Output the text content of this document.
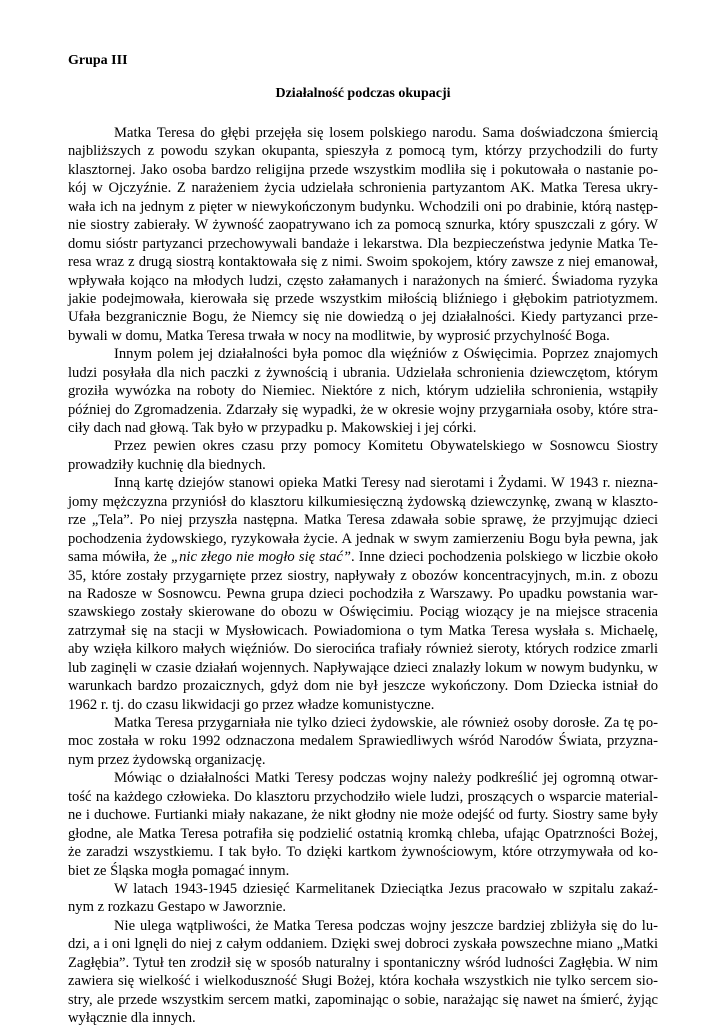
Grupa III
Działalność podczas okupacji

Matka Teresa do głębi przejęła się losem polskiego narodu. Sama doświadczona śmiercią
najbliższych z powodu szykan okupanta, spieszyła z pomocą tym, którzy przychodzili do furty
klasztornej. Jako osoba bardzo religijna przede wszystkim modliła się i pokutowała o nastanie po-
kój w Ojczyźnie. Z narażeniem życia udzielała schronienia partyzantom AK. Matka Teresa ukry-
wała ich na jednym z pięter w niewykończonym budynku. Wchodzili oni po drabinie, którą następ-
nie siostry zabierały. W żywność zaopatrywano ich za pomocą sznurka, który spuszczali z góry. W
domu sióstr partyzanci przechowywali bandaże i lekarstwa. Dla bezpieczeństwa jedynie Matka Te-
resa wraz z drugą siostrą kontaktowała się z nimi. Swoim spokojem, który zawsze z niej emanował,
wpływała kojąco na młodych ludzi, często załamanych i narażonych na śmierć. Świadoma ryzyka
jakie podejmowała, kierowała się przede wszystkim miłością bliźniego i głębokim patriotyzmem.
Ufała bezgranicznie Bogu, że Niemcy się nie dowiedzą o jej działalności. Kiedy partyzanci prze-
bywali w domu, Matka Teresa trwała w nocy na modlitwie, by wyprosić przychylność Boga.

Innym polem jej działalności była pomoc dla więźniów z Oświęcimia. Poprzez znajomych
ludzi posyłała dla nich paczki z żywnością i ubrania. Udzielała schronienia dziewczętom, którym
groziła wywózka na roboty do Niemiec. Niektóre z nich, którym udzieliła schronienia, wstąpiły
później do Zgromadzenia. Zdarzały się wypadki, że w okresie wojny przygarniała osoby, które stra-
ciły dach nad głową. Tak było w przypadku p. Makowskiej i jej córki.

Przez pewien okres czasu przy pomocy Komitetu Obywatelskiego w Sosnowcu Siostry
prowadziły kuchnię dla biednych.

Inną kartę dziejów stanowi opieka Matki Teresy nad sierotami i Żydami. W 1943 r. niezna-
jomy mężczyzna przyniósł do klasztoru kilkumiesięczną żydowską dziewczynkę, zwaną w klaszto-
rze „Tela”. Po niej przyszła następna. Matka Teresa zdawała sobie sprawę, że przyjmując dzieci
pochodzenia żydowskiego, ryzykowała życie. A jednak w swym zamierzeniu Bogu była pewna, jak
sama mówiła, że „nic złego nie mogło się stać”. Inne dzieci pochodzenia polskiego w liczbie około
35, które zostały przygarnięte przez siostry, napływały z obozów koncentracyjnych, m.in. z obozu
na Radosze w Sosnowcu. Pewna grupa dzieci pochodziła z Warszawy. Po upadku powstania war-
szawskiego zostały skierowane do obozu w Oświęcimiu. Pociąg wiozący je na miejsce stracenia
zatrzymał się na stacji w Mysłowicach. Powiadomiona o tym Matka Teresa wysłała s. Michaelę,
aby wzięła kilkoro małych więźniów. Do sierocińca trafiały również sieroty, których rodzice zmarli
lub zaginęli w czasie działań wojennych. Napływające dzieci znalazły lokum w nowym budynku, w
warunkach bardzo prozaicznych, gdyż dom nie był jeszcze wykończony. Dom Dziecka istniał do
1962 r. tj. do czasu likwidacji go przez władze komunistyczne.

Matka Teresa przygarniała nie tylko dzieci żydowskie, ale również osoby dorosłe. Za tę po-
moc została w roku 1992 odznaczona medalem Sprawiedliwych wśród Narodów Świata, przyzna-
nym przez żydowską organizację.

Mówiąc o działalności Matki Teresy podczas wojny należy podkreślić jej ogromną otwar-
tość na każdego człowieka. Do klasztoru przychodziło wiele ludzi, proszących o wsparcie material-
ne i duchowe. Furtianki miały nakazane, że nikt głodny nie może odejść od furty. Siostry same były
głodne, ale Matka Teresa potrafiła się podzielić ostatnią kromką chleba, ufając Opatrzności Bożej,
że zaradzi wszystkiemu. I tak było. To dzięki kartkom żywnościowym, które otrzymywała od ko-
biet ze Śląska mogła pomagać innym.

W latach 1943-1945 dziesięć Karmelitanek Dzieciątka Jezus pracowało w szpitalu zakaź-
nym z rozkazu Gestapo w Jaworznie.

Nie ulega wątpliwości, że Matka Teresa podczas wojny jeszcze bardziej zbliżyła się do lu-
dzi, a i oni lgnęli do niej z całym oddaniem. Dzięki swej dobroci zyskała powszechne miano „Matki
Zagłębia”. Tytuł ten zrodził się w sposób naturalny i spontaniczny wśród ludności Zagłębia. W nim
zawiera się wielkość i wielkoduszność Sługi Bożej, która kochała wszystkich nie tylko sercem sio-
stry, ale przede wszystkim sercem matki, zapominając o sobie, narażając się nawet na śmierć, żyjąc
wyłącznie dla innych.
